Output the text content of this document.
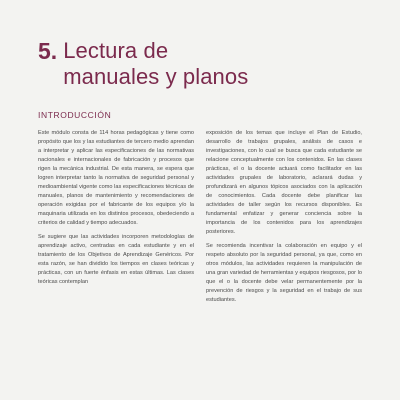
5. Lectura de
manuales y planos
INTRODUCCIÓN

Este módulo consta de 114 horas pedagógicas y tiene como propósito que los y las estudiantes de tercero medio aprendan a interpretar y aplicar las especificaciones de las normativas nacionales e internacionales de fabricación y procesos que rigen la mecánica industrial. De esta manera, se espera que logren interpretar tanto la normativa de seguridad personal y medioambiental vigente como las especificaciones técnicas de manuales, planos de mantenimiento y recomendaciones de operación exigidas por el fabricante de los equipos y/o la maquinaria utilizada en los distintos procesos, obedeciendo a criterios de calidad y tiempo adecuados.

Se sugiere que las actividades incorporen metodologías de aprendizaje activo, centradas en cada estudiante y en el tratamiento de los Objetivos de Aprendizaje Genéricos. Por esta razón, se han dividido los tiempos en clases teóricas y prácticas, con un fuerte énfasis en estas últimas. Las clases teóricas contemplan

exposición de los temas que incluye el Plan de Estudio, desarrollo de trabajos grupales, análisis de casos e investigaciones, con lo cual se busca que cada estudiante se relacione conceptualmente con los contenidos. En las clases prácticas, el o la docente actuará como facilitador en las actividades grupales de laboratorio, aclarará dudas y profundizará en algunos tópicos asociados con la aplicación de conocimientos. Cada docente debe planificar las actividades de taller según los recursos disponibles. Es fundamental enfatizar y generar conciencia sobre la importancia de los contenidos para los aprendizajes posteriores.

Se recomienda incentivar la colaboración en equipo y el respeto absoluto por la seguridad personal, ya que, como en otros módulos, las actividades requieren la manipulación de una gran variedad de herramientas y equipos riesgosos, por lo que el o la docente debe velar permanentemente por la prevención de riesgos y la seguridad en el trabajo de sus estudiantes.
